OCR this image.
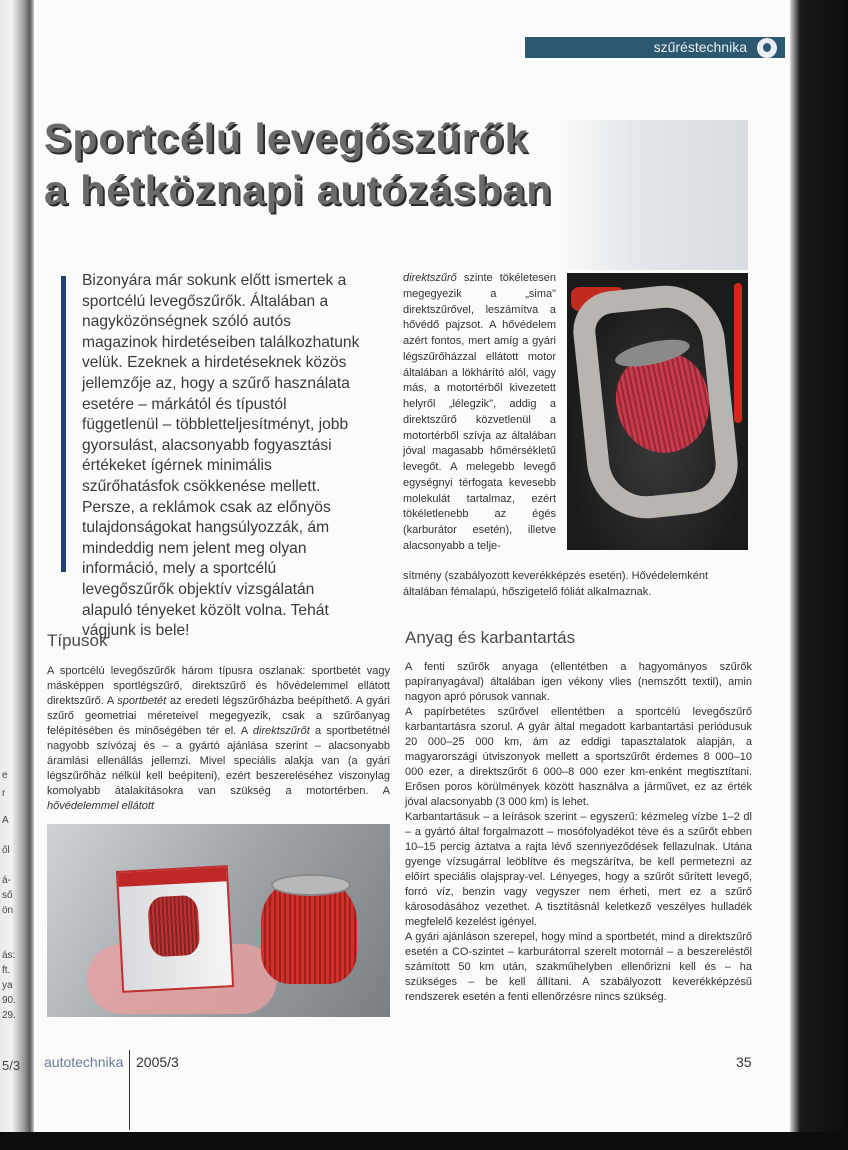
e
r
A
ől
á-
ső
ön
ás:
ft.
ya
90.
29.
5/3
szűréstechnika
Sportcélú levegőszűrők
a hétköznapi autózásban

Bizonyára már sokunk előtt ismertek a sportcélú levegőszűrők. Általában a nagyközönségnek szóló autós magazinok hirdetéseiben találkozhatunk velük. Ezeknek a hirdetéseknek közös jellemzője az, hogy a szűrő használata esetére – márkától és típustól függetlenül – többletteljesítményt, jobb gyorsulást, alacsonyabb fogyasztási értékeket ígérnek minimális szűrőhatásfok csökkenése mellett. Persze, a reklámok csak az előnyös tulajdonságokat hangsúlyozzák, ám mindeddig nem jelent meg olyan információ, mely a sportcélú levegőszűrők objektív vizsgálatán alapuló tényeket közölt volna. Tehát vágjunk is bele!

direktszűrő szinte tökéletesen megegyezik a „sima" direktszűrővel, leszámítva a hővédő pajzsot. A hővédelem azért fontos, mert amíg a gyári légszűrőházzal ellátott motor általában a lökhárító alól, vagy más, a motortérből kivezetett helyről „lélegzik", addig a direktszűrő közvetlenül a motortérből szívja az általában jóval magasabb hőmérsékletű levegőt. A melegebb levegő egységnyi térfogata kevesebb molekulát tartalmaz, ezért tökéletlenebb az égés (karburátor esetén), illetve alacsonyabb a telje-

sítmény (szabályozott keverékképzés esetén). Hővédelemként általában fémalapú, hőszigetelő fóliát alkalmaznak.

Típusok

A sportcélú levegőszűrők három típusra oszlanak: sportbetét vagy másképpen sportlégszűrő, direktszűrő és hővédelemmel ellátott direktszűrő. A sportbetét az eredeti légszűrőházba beépíthető. A gyári szűrő geometriai méreteivel megegyezik, csak a szűrőanyag felépítésében és minőségében tér el. A direktszűrőt a sportbetétnél nagyobb szívózaj és – a gyártó ajánlása szerint – alacsonyabb áramlási ellenállás jellemzi. Mivel speciális alakja van (a gyári légszűrőház nélkül kell beépíteni), ezért beszereléséhez viszonylag komolyabb átalakításokra van szükség a motortérben. A hővédelemmel ellátott

Anyag és karbantartás

A fenti szűrők anyaga (ellentétben a hagyományos szűrők papíranyagával) általában igen vékony vlies (nemszőtt textil), amin nagyon apró pórusok vannak.

A papírbetétes szűrővel ellentétben a sportcélú levegőszűrő karbantartásra szorul. A gyár által megadott karbantartási periódusuk 20 000–25 000 km, ám az eddigi tapasztalatok alapján, a magyarországi útviszonyok mellett a sportszűrőt érdemes 8 000–10 000 ezer, a direktszűrőt 6 000–8 000 ezer km-enként megtisztítani. Erősen poros körülmények között használva a járművet, ez az érték jóval alacsonyabb (3 000 km) is lehet.

Karbantartásuk – a leírások szerint – egyszerű: kézmeleg vízbe 1–2 dl – a gyártó által forgalmazott – mosófolyadékot téve és a szűrőt ebben 10–15 percig áztatva a rajta lévő szennyeződések fellazulnak. Utána gyenge vízsugárral leöblítve és megszárítva, be kell permetezni az előírt speciális olajspray-vel. Lényeges, hogy a szűrőt sűrített levegő, forró víz, benzin vagy vegyszer nem érheti, mert ez a szűrő károsodásához vezethet. A tisztításnál keletkező veszélyes hulladék megfelelő kezelést igényel.

A gyári ajánláson szerepel, hogy mind a sportbetét, mind a direktszűrő esetén a CO-szintet – karburátorral szerelt motornál – a beszereléstől számított 50 km után, szakműhelyben ellenőrizni kell és – ha szükséges – be kell állítani. A szabályozott keverékképzésű rendszerek esetén a fenti ellenőrzésre nincs szükség.

autotechnika 2005/3	35
